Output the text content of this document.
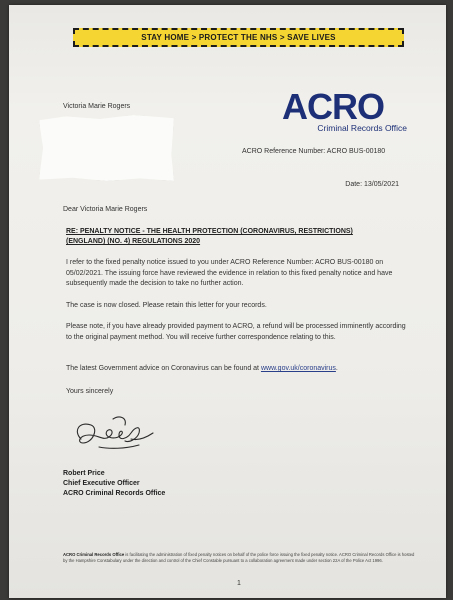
STAY HOME > PROTECT THE NHS > SAVE LIVES
Victoria Marie Rogers	ACRO
Criminal Records Office
ACRO Reference Number: ACRO BUS-00180
Date: 13/05/2021
Dear Victoria Marie Rogers
RE: PENALTY NOTICE - THE HEALTH PROTECTION (CORONAVIRUS, RESTRICTIONS) (ENGLAND) (NO. 4) REGULATIONS 2020

I refer to the fixed penalty notice issued to you under ACRO Reference Number: ACRO BUS-00180 on 05/02/2021. The issuing force have reviewed the evidence in relation to this fixed penalty notice and have subsequently made the decision to take no further action.

The case is now closed. Please retain this letter for your records.

Please note, if you have already provided payment to ACRO, a refund will be processed imminently according to the original payment method. You will receive further correspondence relating to this.

The latest Government advice on Coronavirus can be found at www.gov.uk/coronavirus.

Yours sincerely
Robert Price
Chief Executive Officer
ACRO Criminal Records Office
ACRO Criminal Records Office is facilitating the administration of fixed penalty notices on behalf of the police force issuing the fixed penalty notice. ACRO Criminal Records Office is hosted by the Hampshire Constabulary under the direction and control of the Chief Constable pursuant to a collaboration agreement made under section 22A of the Police Act 1996.
1
